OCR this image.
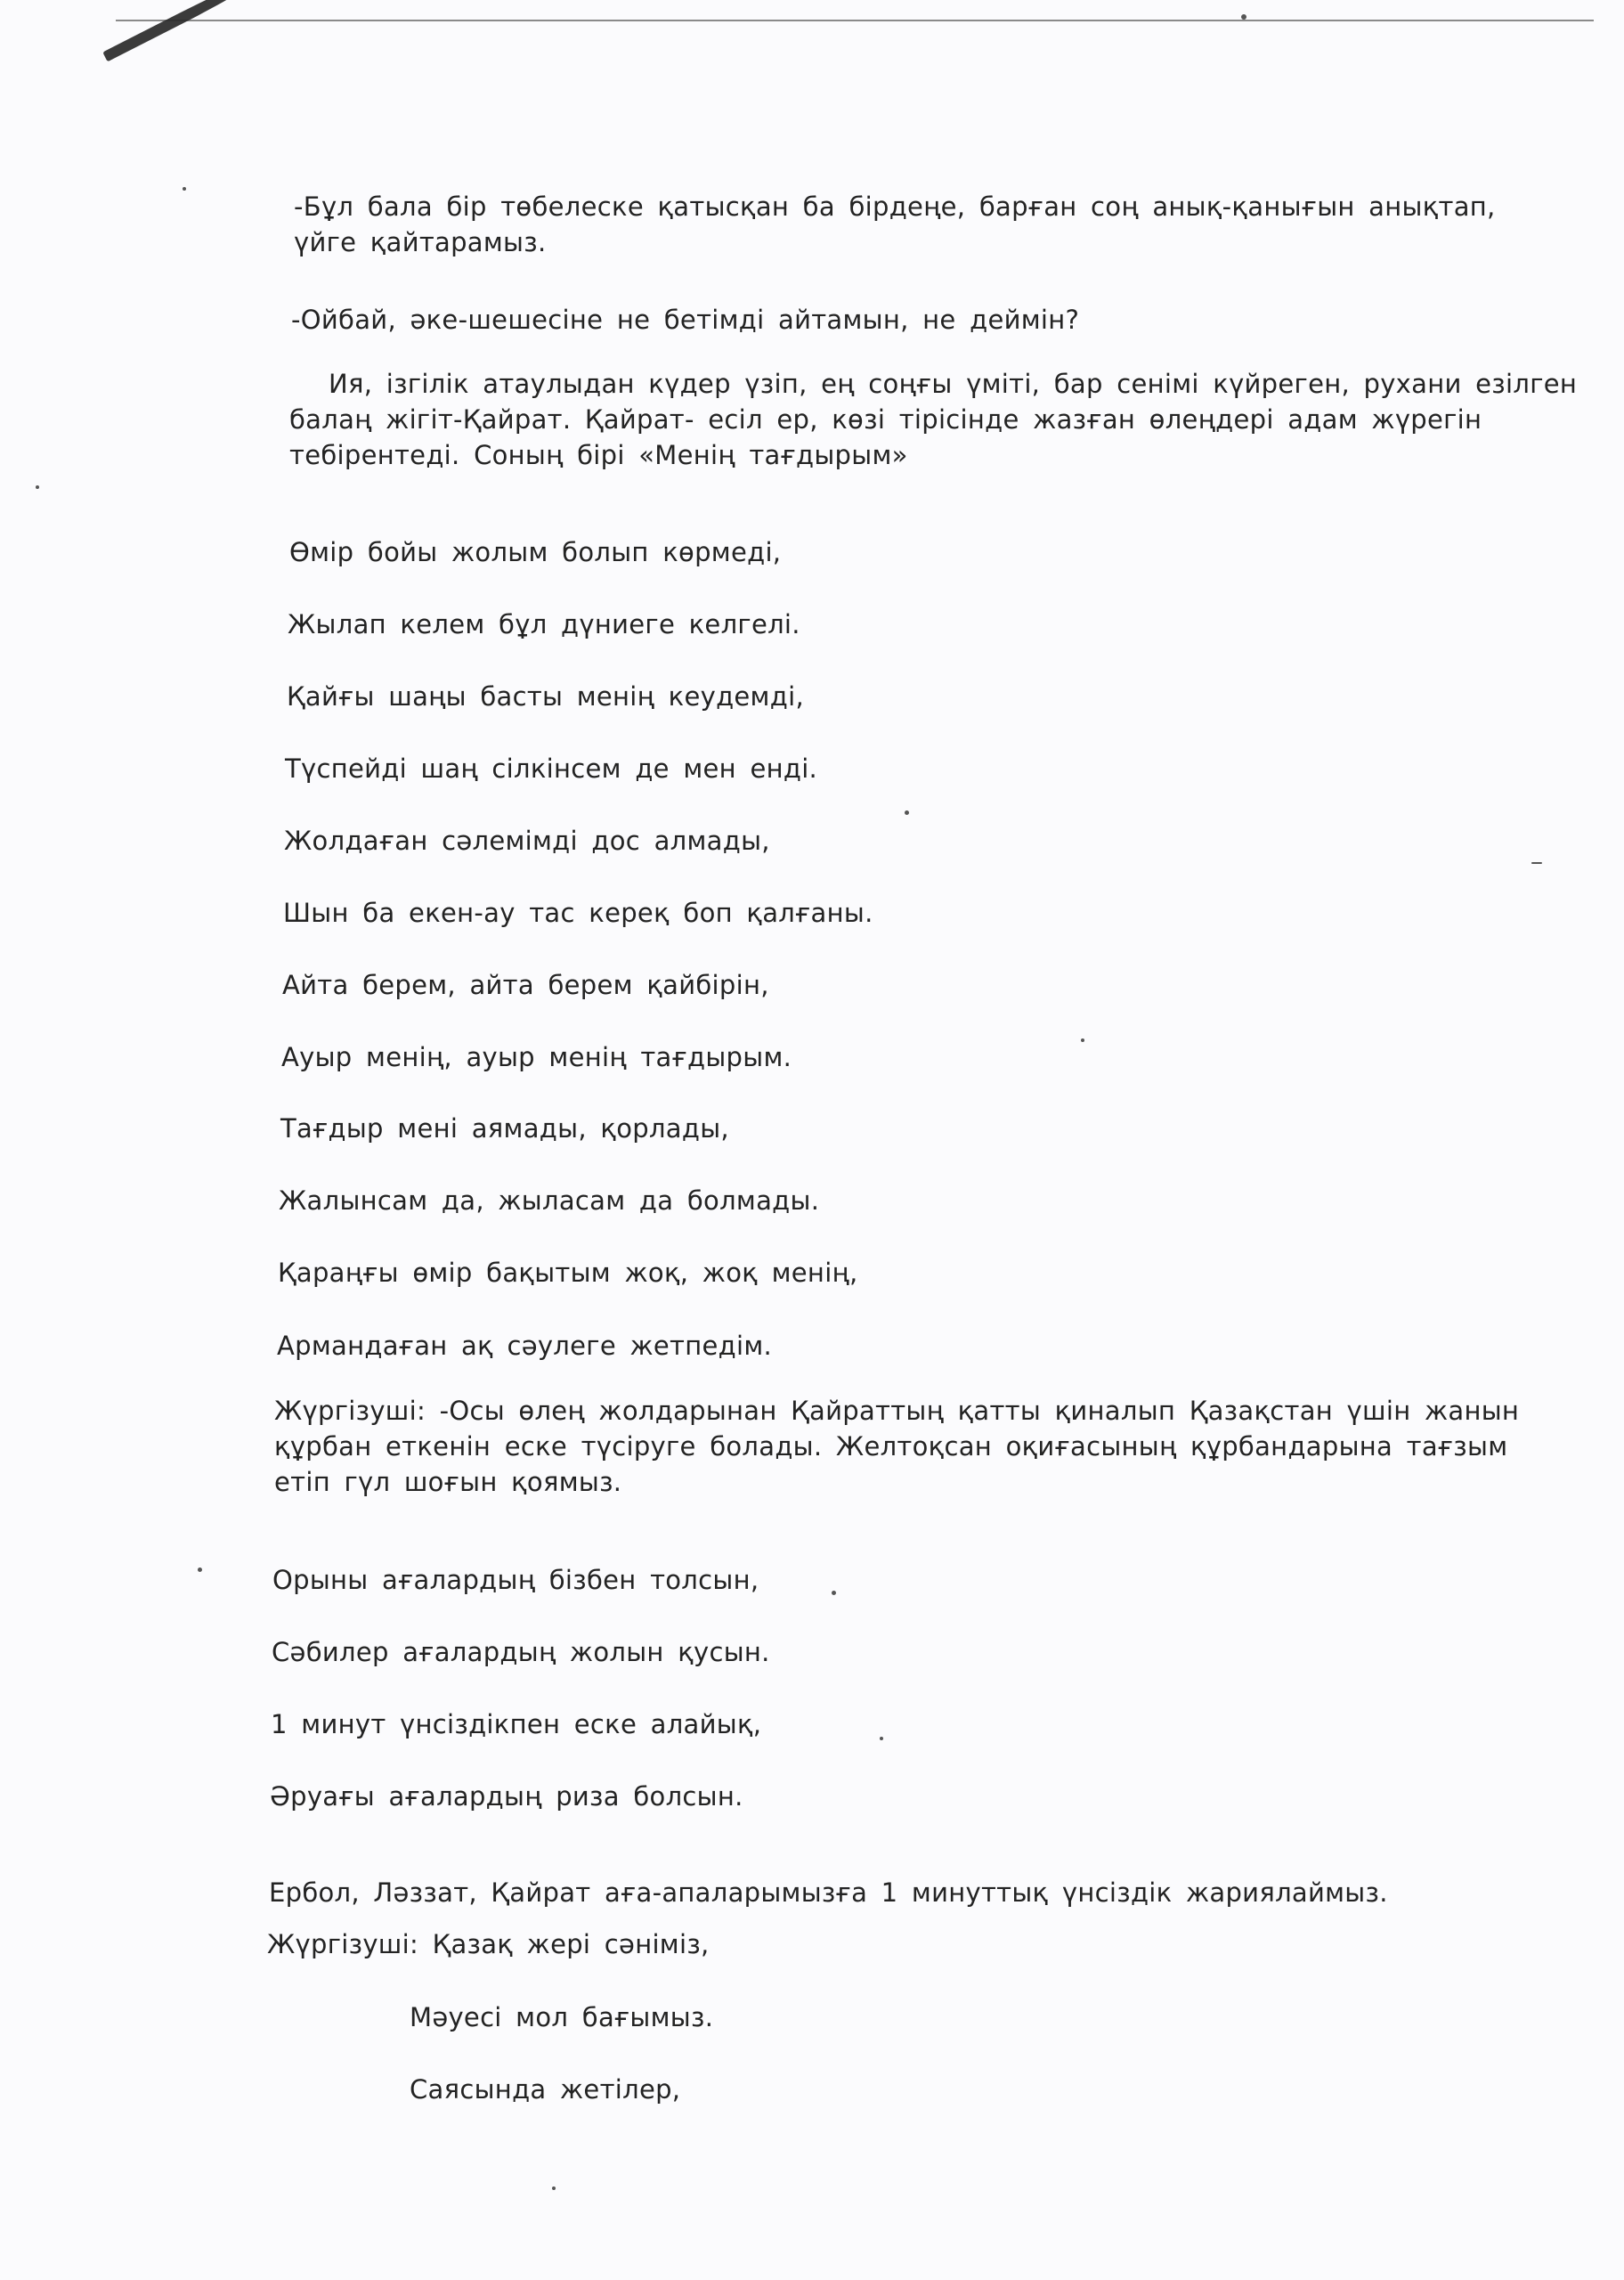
-Бұл бала бір төбелеске қатысқан ба бірдеңе, барған соң анық-қанығын анықтап,
үйге қайтарамыз.

-Ойбай, әке-шешесіне не бетімді айтамын, не деймін?

Ия, ізгілік атаулыдан күдер үзіп, ең соңғы үміті, бар сенімі күйреген, рухани езілген
балаң жігіт-Қайрат. Қайрат- есіл ер, көзі тірісінде жазған өлеңдері адам жүрегін
тебірентеді. Соның бірі «Менің тағдырым»

Өмір бойы жолым болып көрмеді,

Жылап келем бұл дүниеге келгелі.

Қайғы шаңы басты менің кеудемді,

Түспейді шаң сілкінсем де мен енді.

Жолдаған сәлемімді дос алмады,

Шын ба екен-ау тас кереқ боп қалғаны.

Айта берем, айта берем қайбірін,

Ауыр менің, ауыр менің тағдырым.

Тағдыр мені аямады, қорлады,

Жалынсам да, жыласам да болмады.

Қараңғы өмір бақытым жоқ, жоқ менің,

Армандаған ақ сәулеге жетпедім.

Жүргізуші: -Осы өлең жолдарынан Қайраттың қатты қиналып Қазақстан үшін жанын
құрбан еткенін еске түсіруге болады. Желтоқсан оқиғасының құрбандарына тағзым
етіп гүл шоғын қоямыз.

Орыны ағалардың бізбен толсын,

Сәбилер ағалардың жолын қусын.

1 минут үнсіздікпен еске алайық,

Әруағы ағалардың риза болсын.

Ербол, Ләззат, Қайрат аға-апаларымызға 1 минуттық үнсіздік жариялаймыз.

Жүргізуші: Қазақ жері сәніміз,

Мәуесі мол бағымыз.

Саясында жетілер,
